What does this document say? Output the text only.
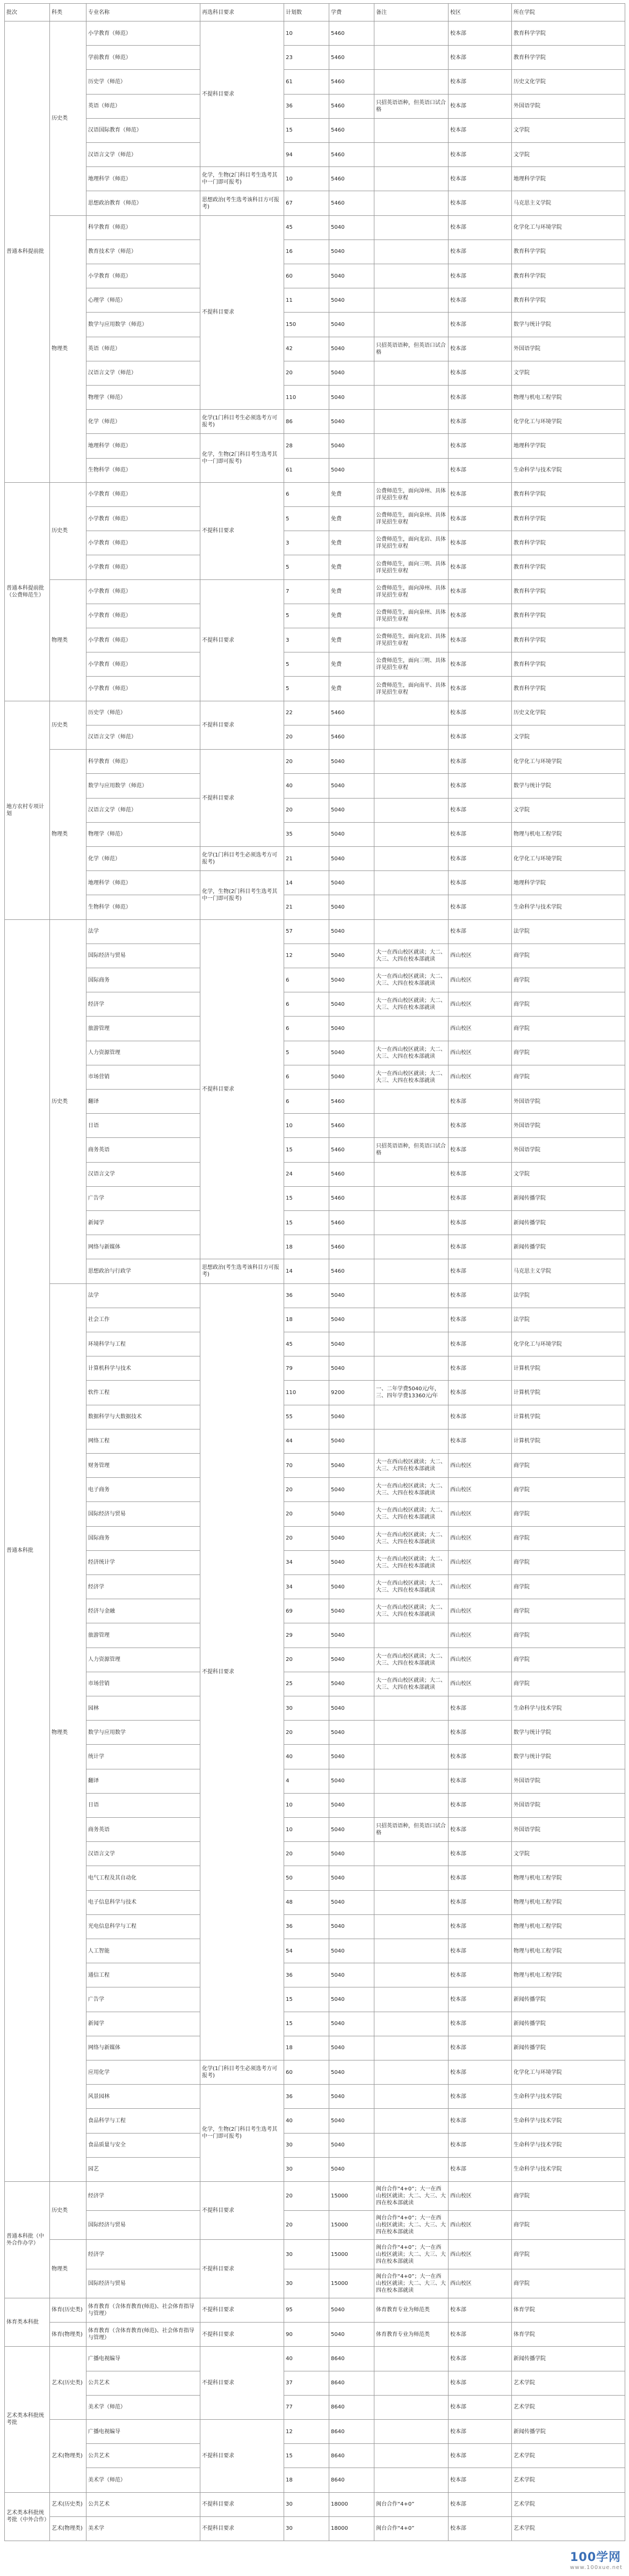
批次	科类	专业名称	再选科目要求	计划数	学费	备注	校区	所在学院
普通本科提前批	历史类	小学教育（师范）	不提科目要求	10	5460		校本部	教育科学学院
		学前教育（师范）		23	5460		校本部	教育科学学院
		历史学（师范）		61	5460		校本部	历史文化学院
		英语（师范）		36	5460	只招英语语种，但英语口试合格	校本部	外国语学院
		汉语国际教育（师范）		15	5460		校本部	文学院
		汉语言文学（师范）		94	5460		校本部	文学院
		地理科学（师范）	化学，生物(2门科目考生选考其中一门即可报考)	10	5460		校本部	地理科学学院
		思想政治教育（师范）	思想政治(考生选考该科目方可报考)	67	5460		校本部	马克思主义学院
	物理类	科学教育（师范）	不提科目要求	45	5040		校本部	化学化工与环境学院
		教育技术学（师范）		16	5040		校本部	教育科学学院
		小学教育（师范）		60	5040		校本部	教育科学学院
		心理学（师范）		11	5040		校本部	教育科学学院
		数学与应用数学（师范）		150	5040		校本部	数学与统计学院
		英语（师范）		42	5040	只招英语语种，但英语口试合格	校本部	外国语学院
		汉语言文学（师范）		20	5040		校本部	文学院
		物理学（师范）		110	5040		校本部	物理与机电工程学院
		化学（师范）	化学(1门科目考生必须选考方可报考)	86	5040		校本部	化学化工与环境学院
		地理科学（师范）	化学，生物(2门科目考生选考其中一门即可报考)	28	5040		校本部	地理科学学院
		生物科学（师范）		61	5040		校本部	生命科学与技术学院
普通本科提前批（公费师范生）	历史类	小学教育（师范）	不提科目要求	6	免费	公费师范生，面向漳州、具体详见招生章程	校本部	教育科学学院
		小学教育（师范）		5	免费	公费师范生，面向泉州、具体详见招生章程	校本部	教育科学学院
		小学教育（师范）		3	免费	公费师范生，面向龙岩、具体详见招生章程	校本部	教育科学学院
		小学教育（师范）		5	免费	公费师范生，面向三明、具体详见招生章程	校本部	教育科学学院
	物理类	小学教育（师范）	不提科目要求	7	免费	公费师范生，面向漳州、具体详见招生章程	校本部	教育科学学院
		小学教育（师范）		5	免费	公费师范生，面向泉州、具体详见招生章程	校本部	教育科学学院
		小学教育（师范）		3	免费	公费师范生，面向龙岩、具体详见招生章程	校本部	教育科学学院
		小学教育（师范）		5	免费	公费师范生，面向三明、具体详见招生章程	校本部	教育科学学院
		小学教育（师范）		5	免费	公费师范生，面向南平、具体详见招生章程	校本部	教育科学学院
地方农村专项计划	历史类	历史学（师范）	不提科目要求	22	5460		校本部	历史文化学院
		汉语言文学（师范）		20	5460		校本部	文学院
	物理类	科学教育（师范）	不提科目要求	20	5040		校本部	化学化工与环境学院
		数学与应用数学（师范）		40	5040		校本部	数学与统计学院
		汉语言文学（师范）		20	5040		校本部	文学院
		物理学（师范）		35	5040		校本部	物理与机电工程学院
		化学（师范）	化学(1门科目考生必须选考方可报考)	21	5040		校本部	化学化工与环境学院
		地理科学（师范）	化学，生物(2门科目考生选考其中一门即可报考)	14	5040		校本部	地理科学学院
		生物科学（师范）		21	5040		校本部	生命科学与技术学院
普通本科批	历史类	法学	不提科目要求	57	5040		校本部	法学院
		国际经济与贸易		12	5040	大一在西山校区就读；大二、大三、大四在校本部就读	西山校区	商学院
		国际商务		6	5040	大一在西山校区就读；大二、大三、大四在校本部就读	西山校区	商学院
		经济学		6	5040	大一在西山校区就读；大二、大三、大四在校本部就读	西山校区	商学院
		旅游管理		6	5040		西山校区	商学院
		人力资源管理		5	5040	大一在西山校区就读；大二、大三、大四在校本部就读	西山校区	商学院
		市场营销		6	5040	大一在西山校区就读；大二、大三、大四在校本部就读	西山校区	商学院
		翻译		6	5460		校本部	外国语学院
		日语		10	5460		校本部	外国语学院
		商务英语		15	5460	只招英语语种，但英语口试合格	校本部	外国语学院
		汉语言文学		24	5460		校本部	文学院
		广告学		15	5460		校本部	新闻传播学院
		新闻学		15	5460		校本部	新闻传播学院
		网络与新媒体		18	5460		校本部	新闻传播学院
		思想政治与行政学	思想政治(考生选考该科目方可报考)	14	5460		校本部	马克思主义学院
	物理类	法学	不提科目要求	36	5040		校本部	法学院
		社会工作		18	5040		校本部	法学院
		环境科学与工程		45	5040		校本部	化学化工与环境学院
		计算机科学与技术		79	5040		校本部	计算机学院
		软件工程		110	9200	一、二年学费5040元/年，三、四年学费13360元/年	校本部	计算机学院
		数据科学与大数据技术		55	5040		校本部	计算机学院
		网络工程		44	5040		校本部	计算机学院
		财务管理		70	5040	大一在西山校区就读；大二、大三、大四在校本部就读	西山校区	商学院
		电子商务		20	5040	大一在西山校区就读；大二、大三、大四在校本部就读	西山校区	商学院
		国际经济与贸易		20	5040	大一在西山校区就读；大二、大三、大四在校本部就读	西山校区	商学院
		国际商务		20	5040	大一在西山校区就读；大二、大三、大四在校本部就读	西山校区	商学院
		经济统计学		34	5040	大一在西山校区就读；大二、大三、大四在校本部就读	西山校区	商学院
		经济学		34	5040	大一在西山校区就读；大二、大三、大四在校本部就读	西山校区	商学院
		经济与金融		69	5040	大一在西山校区就读；大二、大三、大四在校本部就读	西山校区	商学院
		旅游管理		29	5040		西山校区	商学院
		人力资源管理		20	5040	大一在西山校区就读；大二、大三、大四在校本部就读	西山校区	商学院
		市场营销		25	5040	大一在西山校区就读；大二、大三、大四在校本部就读	西山校区	商学院
		园林		30	5040		校本部	生命科学与技术学院
		数学与应用数学		20	5040		校本部	数学与统计学院
		统计学		40	5040		校本部	数学与统计学院
		翻译		4	5040		校本部	外国语学院
		日语		10	5040		校本部	外国语学院
		商务英语		10	5040	只招英语语种，但英语口试合格	校本部	外国语学院
		汉语言文学		20	5040		校本部	文学院
		电气工程及其自动化		50	5040		校本部	物理与机电工程学院
		电子信息科学与技术		48	5040		校本部	物理与机电工程学院
		光电信息科学与工程		36	5040		校本部	物理与机电工程学院
		人工智能		54	5040		校本部	物理与机电工程学院
		通信工程		36	5040		校本部	物理与机电工程学院
		广告学		15	5040		校本部	新闻传播学院
		新闻学		15	5040		校本部	新闻传播学院
		网络与新媒体		18	5040		校本部	新闻传播学院
		应用化学	化学(1门科目考生必须选考方可报考)	60	5040		校本部	化学化工与环境学院
		风景园林	化学，生物(2门科目考生选考其中一门即可报考)	36	5040		校本部	生命科学与技术学院
		食品科学与工程		40	5040		校本部	生命科学与技术学院
		食品质量与安全		30	5040		校本部	生命科学与技术学院
		园艺		30	5040		校本部	生命科学与技术学院
普通本科批（中外合作办学）	历史类	经济学	不提科目要求	20	15000	闽台合作“4+0”；大一在西山校区就读；大二、大三、大四在校本部就读	西山校区	商学院
		国际经济与贸易		20	15000	闽台合作“4+0”；大一在西山校区就读；大二、大三、大四在校本部就读	西山校区	商学院
	物理类	经济学	不提科目要求	30	15000	闽台合作“4+0”；大一在西山校区就读；大二、大三、大四在校本部就读	西山校区	商学院
		国际经济与贸易		30	15000	闽台合作“4+0”；大一在西山校区就读；大二、大三、大四在校本部就读	西山校区	商学院
体育类本科批	体育(历史类)	体育教育（含体育教育(师范)、社会体育指导与管理）	不提科目要求	95	5040	体育教育专业为师范类	校本部	体育学院
	体育(物理类)	体育教育（含体育教育(师范)、社会体育指导与管理）	不提科目要求	90	5040	体育教育专业为师范类	校本部	体育学院
艺术类本科批统考批	艺术(历史类)	广播电视编导	不提科目要求	40	8640		校本部	新闻传播学院
		公共艺术		37	8640		校本部	艺术学院
		美术学（师范）		77	8640		校本部	艺术学院
	艺术(物理类)	广播电视编导	不提科目要求	12	8640		校本部	新闻传播学院
		公共艺术		15	8640		校本部	艺术学院
		美术学（师范）		18	8640		校本部	艺术学院
艺术类本科批统考批（中外合作）	艺术(历史类)	公共艺术	不提科目要求	30	18000	闽台合作“4+0”	校本部	艺术学院
	艺术(物理类)	美术学	不提科目要求	30	18000	闽台合作“4+0”	校本部	艺术学院
100学网
www.100xue.net
